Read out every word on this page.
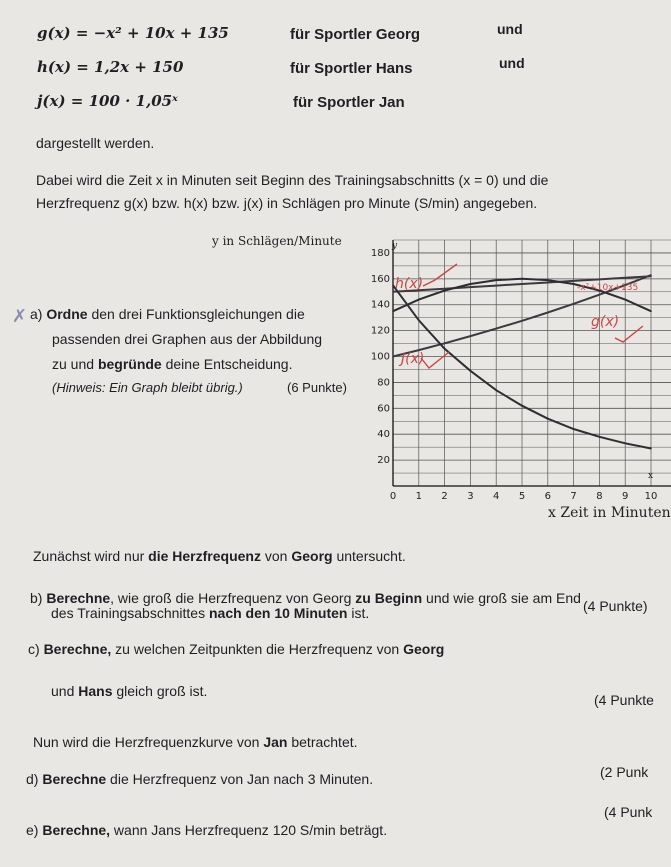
g(x) = −x² + 10x + 135	für Sportler Georg	und
h(x) = 1,2x + 150	für Sportler Hans	und
j(x) = 100 · 1,05ˣ	für Sportler Jan
dargestellt werden.
Dabei wird die Zeit x in Minuten seit Beginn des Trainingsabschnitts (x = 0) und die
Herzfrequenz g(x) bzw. h(x) bzw. j(x) in Schlägen pro Minute (S/min) angegeben.
y in Schlägen/Minute
180
160
140
120
100
80
60
40
20
0 1 2 3 4 5 6 7 8 9 10
h(x)
J(x)
g(x)
-x²+10x+135
y
x
x Zeit in Minuten
✗ a) Ordne den drei Funktionsgleichungen die
passenden drei Graphen aus der Abbildung
zu und begründe deine Entscheidung.
(Hinweis: Ein Graph bleibt übrig.)	(6 Punkte)
Zunächst wird nur die Herzfrequenz von Georg untersucht.
b) Berechne, wie groß die Herzfrequenz von Georg zu Beginn und wie groß sie am End
des Trainingsabschnittes nach den 10 Minuten ist.	(4 Punkte)
c) Berechne, zu welchen Zeitpunkten die Herzfrequenz von Georg
und Hans gleich groß ist.
(4 Punkte
Nun wird die Herzfrequenzkurve von Jan betrachtet.
d) Berechne die Herzfrequenz von Jan nach 3 Minuten.	(2 Punk
e) Berechne, wann Jans Herzfrequenz 120 S/min beträgt.
(4 Punk
